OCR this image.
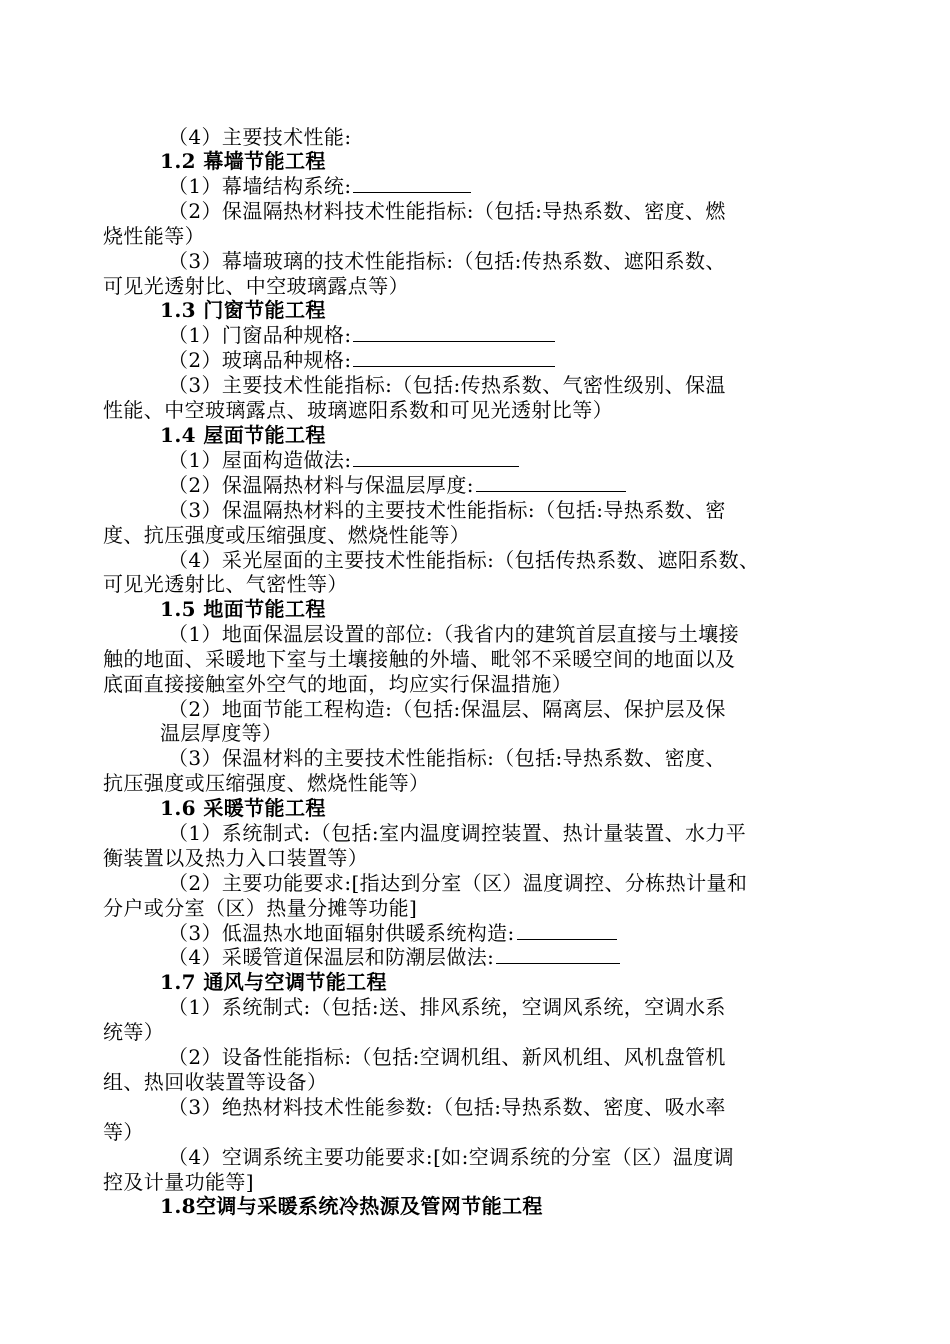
（4）主要技术性能:
1.2 幕墙节能工程
（1）幕墙结构系统:
（2）保温隔热材料技术性能指标:（包括:导热系数、密度、燃
烧性能等）
（3）幕墙玻璃的技术性能指标:（包括:传热系数、遮阳系数、
可见光透射比、中空玻璃露点等）
1.3 门窗节能工程
（1）门窗品种规格:
（2）玻璃品种规格:
（3）主要技术性能指标:（包括:传热系数、气密性级别、保温
性能、中空玻璃露点、玻璃遮阳系数和可见光透射比等）
1.4 屋面节能工程
（1）屋面构造做法:
（2）保温隔热材料与保温层厚度:
（3）保温隔热材料的主要技术性能指标:（包括:导热系数、密
度、抗压强度或压缩强度、燃烧性能等）
（4）采光屋面的主要技术性能指标:（包括传热系数、遮阳系数、
可见光透射比、气密性等）
1.5 地面节能工程
（1）地面保温层设置的部位:（我省内的建筑首层直接与土壤接
触的地面、采暖地下室与土壤接触的外墙、毗邻不采暖空间的地面以及
底面直接接触室外空气的地面，均应实行保温措施）
（2）地面节能工程构造:（包括:保温层、隔离层、保护层及保
温层厚度等）
（3）保温材料的主要技术性能指标:（包括:导热系数、密度、
抗压强度或压缩强度、燃烧性能等）
1.6 采暖节能工程
（1）系统制式:（包括:室内温度调控装置、热计量装置、水力平
衡装置以及热力入口装置等）
（2）主要功能要求:[指达到分室（区）温度调控、分栋热计量和
分户或分室（区）热量分摊等功能]
（3）低温热水地面辐射供暖系统构造:
（4）采暖管道保温层和防潮层做法:
1.7 通风与空调节能工程
（1）系统制式:（包括:送、排风系统，空调风系统，空调水系
统等）
（2）设备性能指标:（包括:空调机组、新风机组、风机盘管机
组、热回收装置等设备）
（3）绝热材料技术性能参数:（包括:导热系数、密度、吸水率
等）
（4）空调系统主要功能要求:[如:空调系统的分室（区）温度调
控及计量功能等]
1.8空调与采暖系统冷热源及管网节能工程
